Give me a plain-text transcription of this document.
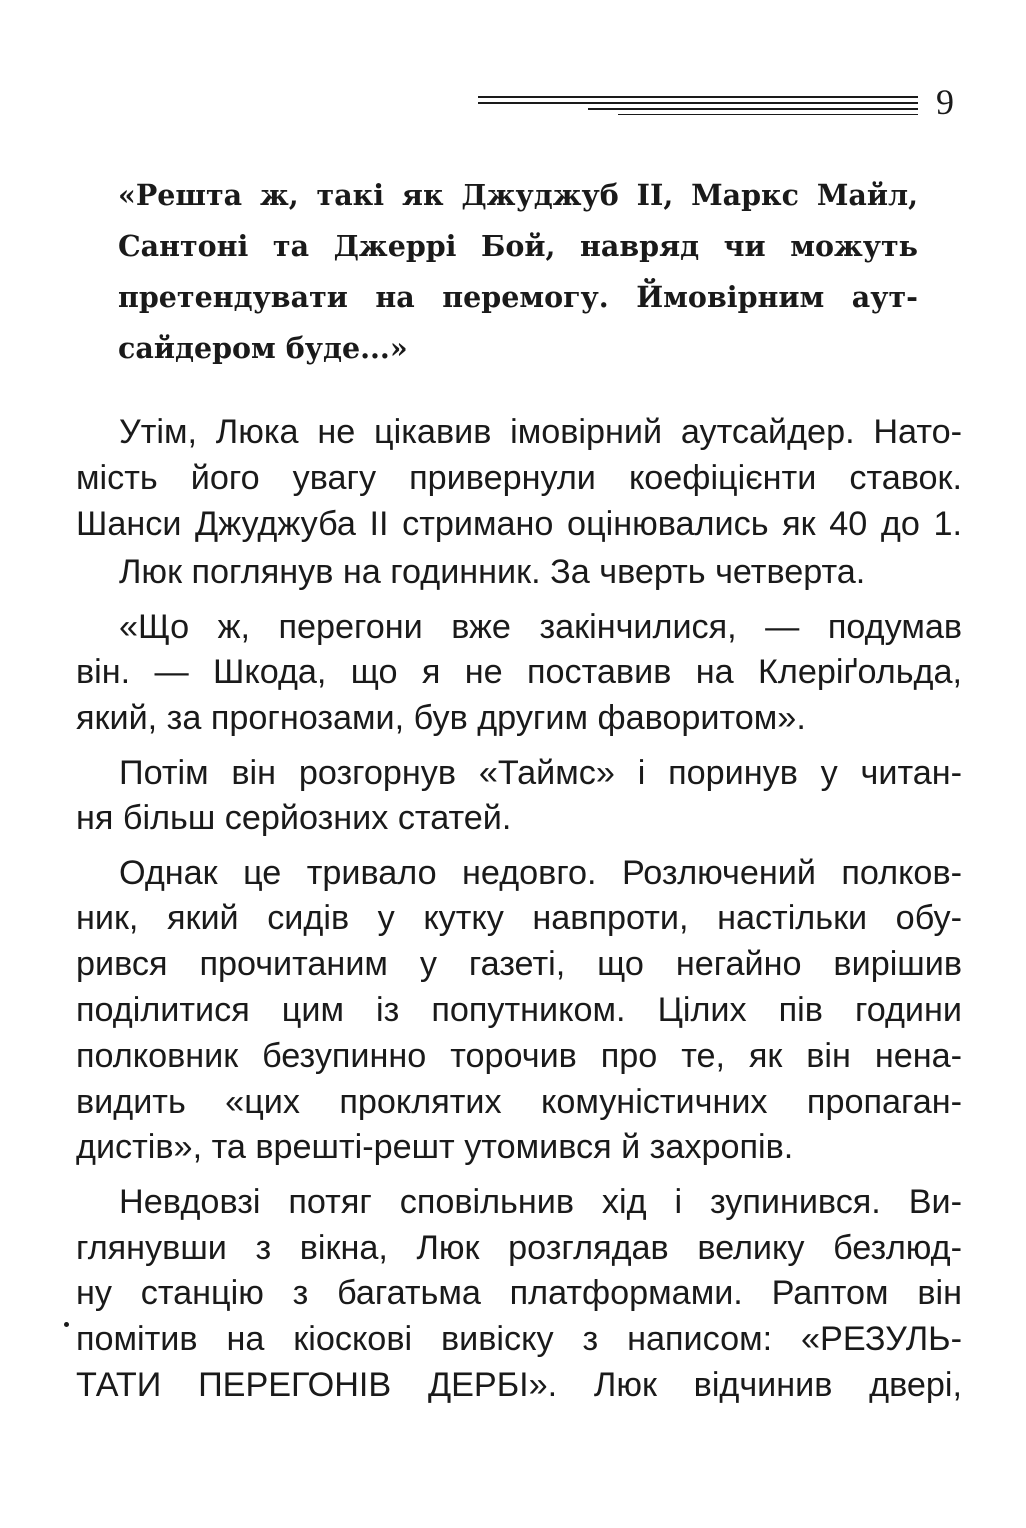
9
«Решта ж, такі як Джуджуб II, Маркс Майл,
Сантоні та Джеррі Бой, навряд чи можуть
претендувати на перемогу. Ймовірним аут-
сайдером буде...»
Утім, Люка не цікавив імовірний аутсайдер. Нато-
мість його увагу привернули коефіцієнти ставок.
Шанси Джуджуба II стримано оцінювались як 40 до 1.
Люк поглянув на годинник. За чверть четверта.
«Що ж, перегони вже закінчилися, — подумав
він. — Шкода, що я не поставив на Клеріґольда,
який, за прогнозами, був другим фаворитом».
Потім він розгорнув «Таймс» і поринув у читан-
ня більш серйозних статей.
Однак це тривало недовго. Розлючений полков-
ник, який сидів у кутку навпроти, настільки обу-
рився прочитаним у газеті, що негайно вирішив
поділитися цим із попутником. Цілих пів години
полковник безупинно торочив про те, як він нена-
видить «цих проклятих комуністичних пропаган-
дистів», та врешті-решт утомився й захропів.
Невдовзі потяг сповільнив хід і зупинився. Ви-
глянувши з вікна, Люк розглядав велику безлюд-
ну станцію з багатьма платформами. Раптом він
помітив на кіоскові вивіску з написом: «РЕЗУЛЬ-
ТАТИ ПЕРЕГОНІВ ДЕРБІ». Люк відчинив двері,
